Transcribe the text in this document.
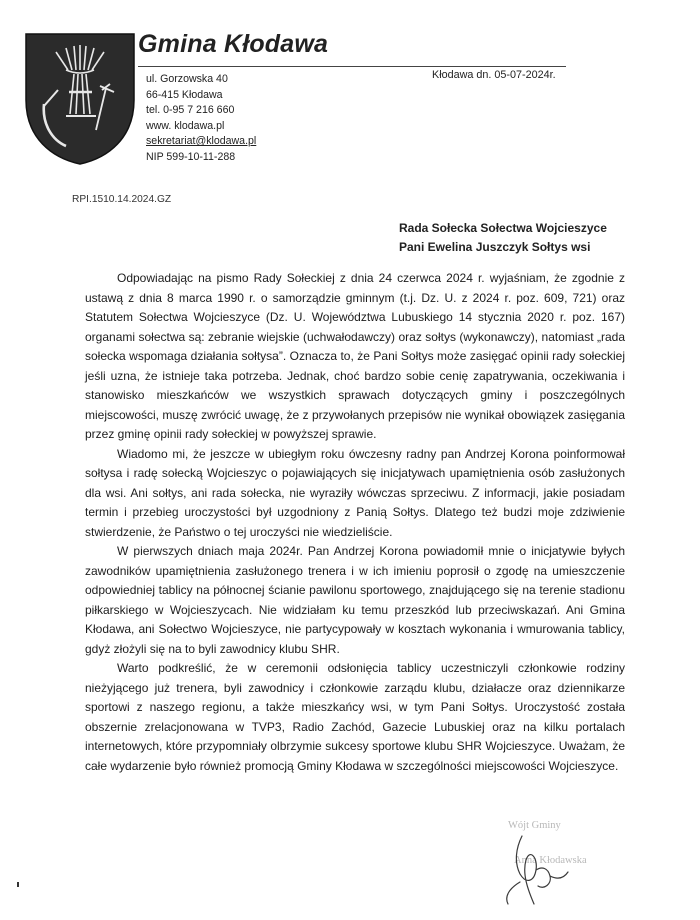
Gmina Kłodawa
ul. Gorzowska 40
66-415 Kłodawa
tel. 0-95 7 216 660
www. klodawa.pl
sekretariat@klodawa.pl
NIP 599-10-11-288
Kłodawa dn. 05-07-2024r.
RPI.1510.14.2024.GZ
Rada Sołecka Sołectwa Wojcieszyce
Pani Ewelina Juszczyk Sołtys wsi

Odpowiadając na pismo Rady Sołeckiej z dnia 24 czerwca 2024 r. wyjaśniam, że zgodnie z ustawą z dnia 8 marca 1990 r. o samorządzie gminnym (t.j. Dz. U. z 2024 r. poz. 609, 721) oraz Statutem Sołectwa Wojcieszyce (Dz. U. Województwa Lubuskiego 14 stycznia 2020 r. poz. 167) organami sołectwa są: zebranie wiejskie (uchwałodawczy) oraz sołtys (wykonawczy), natomiast „rada sołecka wspomaga działania sołtysa”. Oznacza to, że Pani Sołtys może zasięgać opinii rady sołeckiej jeśli uzna, że istnieje taka potrzeba. Jednak, choć bardzo sobie cenię zapatrywania, oczekiwania i stanowisko mieszkańców we wszystkich sprawach dotyczących gminy i poszczególnych miejscowości, muszę zwrócić uwagę, że z przywołanych przepisów nie wynikał obowiązek zasięgania przez gminę opinii rady sołeckiej w powyższej sprawie.

Wiadomo mi, że jeszcze w ubiegłym roku ówczesny radny pan Andrzej Korona poinformował sołtysa i radę sołecką Wojcieszyc o pojawiających się inicjatywach upamiętnienia osób zasłużonych dla wsi. Ani sołtys, ani rada sołecka, nie wyraziły wówczas sprzeciwu. Z informacji, jakie posiadam termin i przebieg uroczystości był uzgodniony z Panią Sołtys. Dlatego też budzi moje zdziwienie stwierdzenie, że Państwo o tej uroczyści nie wiedzieliście.

W pierwszych dniach maja 2024r. Pan Andrzej Korona powiadomił mnie o inicjatywie byłych zawodników upamiętnienia zasłużonego trenera i w ich imieniu poprosił o zgodę na umieszczenie odpowiedniej tablicy na północnej ścianie pawilonu sportowego, znajdującego się na terenie stadionu piłkarskiego w Wojcieszycach. Nie widziałam ku temu przeszkód lub przeciwskazań. Ani Gmina Kłodawa, ani Sołectwo Wojcieszyce, nie partycypowały w kosztach wykonania i wmurowania tablicy, gdyż złożyli się na to byli zawodnicy klubu SHR.

Warto podkreślić, że w ceremonii odsłonięcia tablicy uczestniczyli członkowie rodziny nieżyjącego już trenera, byli zawodnicy i członkowie zarządu klubu, działacze oraz dziennikarze sportowi z naszego regionu, a także mieszkańcy wsi, w tym Pani Sołtys. Uroczystość została obszernie zrelacjonowana w TVP3, Radio Zachód, Gazecie Lubuskiej oraz na kilku portalach internetowych, które przypomniały olbrzymie sukcesy sportowe klubu SHR Wojcieszyce. Uważam, że całe wydarzenie było również promocją Gminy Kłodawa w szczególności miejscowości Wojcieszyce.

Wójt Gminy
Anna Kłodawska
